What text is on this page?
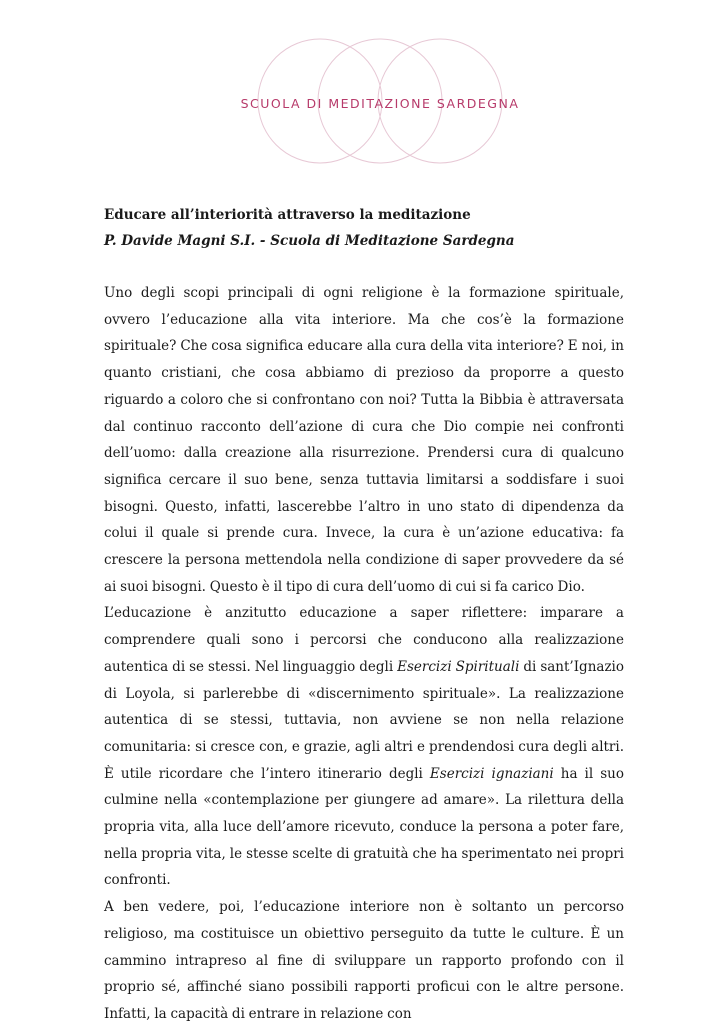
SCUOLA DI MEDITAZIONE SARDEGNA

Educare all’interiorità attraverso la meditazione

P. Davide Magni S.I. - Scuola di Meditazione Sardegna

Uno degli scopi principali di ogni religione è la formazione spirituale, ovvero l’educazione alla vita interiore. Ma che cos’è la formazione spirituale? Che cosa significa educare alla cura della vita interiore? E noi, in quanto cristiani, che cosa abbiamo di prezioso da proporre a questo riguardo a coloro che si confrontano con noi? Tutta la Bibbia è attraversata dal continuo racconto dell’azione di cura che Dio compie nei confronti dell’uomo: dalla creazione alla risurrezione. Prendersi cura di qualcuno significa cercare il suo bene, senza tuttavia limitarsi a soddisfare i suoi bisogni. Questo, infatti, lascerebbe l’altro in uno stato di dipendenza da colui il quale si prende cura. Invece, la cura è un’azione educativa: fa crescere la persona mettendola nella condizione di saper provvedere da sé ai suoi bisogni. Questo è il tipo di cura dell’uomo di cui si fa carico Dio.

L’educazione è anzitutto educazione a saper riflettere: imparare a comprendere quali sono i percorsi che conducono alla realizzazione autentica di se stessi. Nel linguaggio degli Esercizi Spirituali di sant’Ignazio di Loyola, si parlerebbe di «discernimento spirituale». La realizzazione autentica di se stessi, tuttavia, non avviene se non nella relazione comunitaria: si cresce con, e grazie, agli altri e prendendosi cura degli altri. È utile ricordare che l’intero itinerario degli Esercizi ignaziani ha il suo culmine nella «contemplazione per giungere ad amare». La rilettura della propria vita, alla luce dell’amore ricevuto, conduce la persona a poter fare, nella propria vita, le stesse scelte di gratuità che ha sperimentato nei propri confronti.

A ben vedere, poi, l’educazione interiore non è soltanto un percorso religioso, ma costituisce un obiettivo perseguito da tutte le culture. È un cammino intrapreso al fine di sviluppare un rapporto profondo con il proprio sé, affinché siano possibili rapporti proficui con le altre persone. Infatti, la capacità di entrare in relazione con
